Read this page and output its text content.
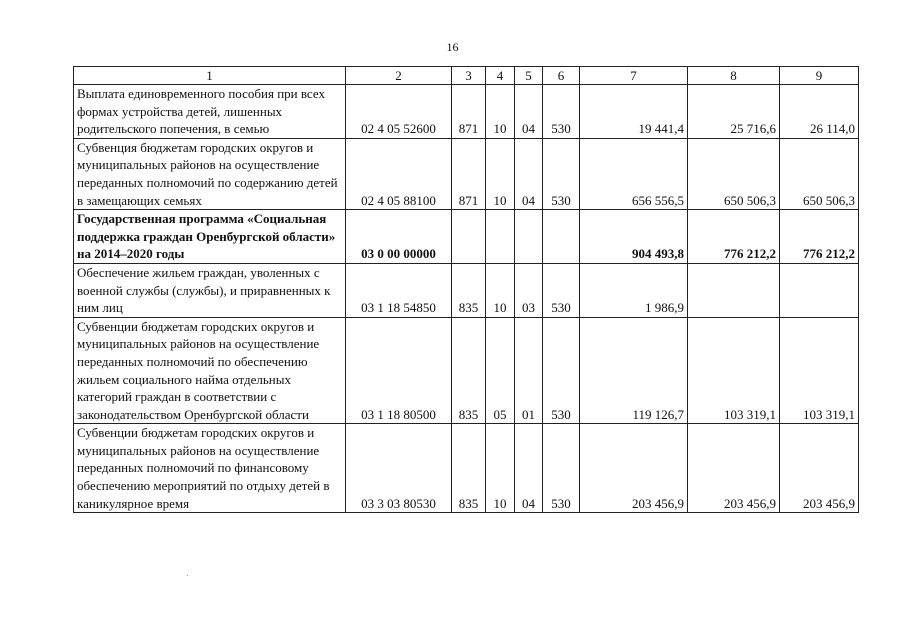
16
1	2	3	4	5	6	7	8	9
Выплата единовременного пособия при всех формах устройства детей, лишенных родительского попечения, в семью	02 4 05 52600	871	10	04	530	19 441,4	25 716,6	26 114,0
Субвенция бюджетам городских округов и муниципальных районов на осуществление переданных полномочий по содержанию детей в замещающих семьях	02 4 05 88100	871	10	04	530	656 556,5	650 506,3	650 506,3
Государственная программа «Социальная поддержка граждан Оренбургской области» на 2014–2020 годы	03 0 00 00000					904 493,8	776 212,2	776 212,2
Обеспечение жильем граждан, уволенных с военной службы (службы), и приравненных к ним лиц	03 1 18 54850	835	10	03	530	1 986,9		
Субвенции бюджетам городских округов и муниципальных районов на осуществление переданных полномочий по обеспечению жильем социального найма отдельных категорий граждан в соответствии с законодательством Оренбургской области	03 1 18 80500	835	05	01	530	119 126,7	103 319,1	103 319,1
Субвенции бюджетам городских округов и муниципальных районов на осуществление переданных полномочий по финансовому обеспечению мероприятий по отдыху детей в каникулярное время	03 3 03 80530	835	10	04	530	203 456,9	203 456,9	203 456,9
